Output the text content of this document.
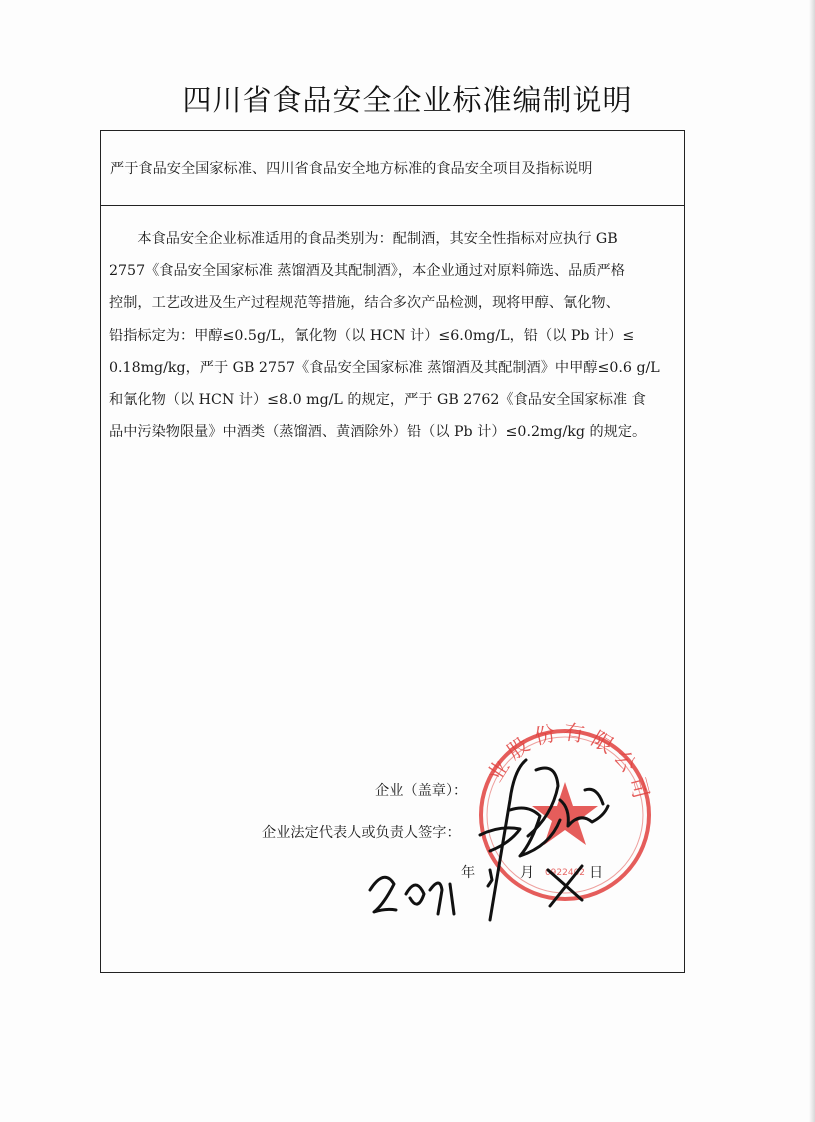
四川省食品安全企业标准编制说明
严于食品安全国家标准、四川省食品安全地方标准的食品安全项目及指标说明
　　本食品安全企业标准适用的食品类别为：配制酒，其安全性指标对应执行 GB
2757《食品安全国家标准 蒸馏酒及其配制酒》，本企业通过对原料筛选、品质严格
控制，工艺改进及生产过程规范等措施，结合多次产品检测，现将甲醇、氰化物、
铅指标定为：甲醇≤0.5g/L，氰化物（以 HCN 计）≤6.0mg/L，铅（以 Pb 计）≤
0.18mg/kg，严于 GB 2757《食品安全国家标准 蒸馏酒及其配制酒》中甲醇≤0.6 g/L
和氰化物（以 HCN 计）≤8.0 mg/L 的规定，严于 GB 2762《食品安全国家标准 食
品中污染物限量》中酒类（蒸馏酒、黄酒除外）铅（以 Pb 计）≤0.2mg/kg 的规定。
企业（盖章）：
企业法定代表人或负责人签字：
年	月	日
业股份有限公司
0922402
